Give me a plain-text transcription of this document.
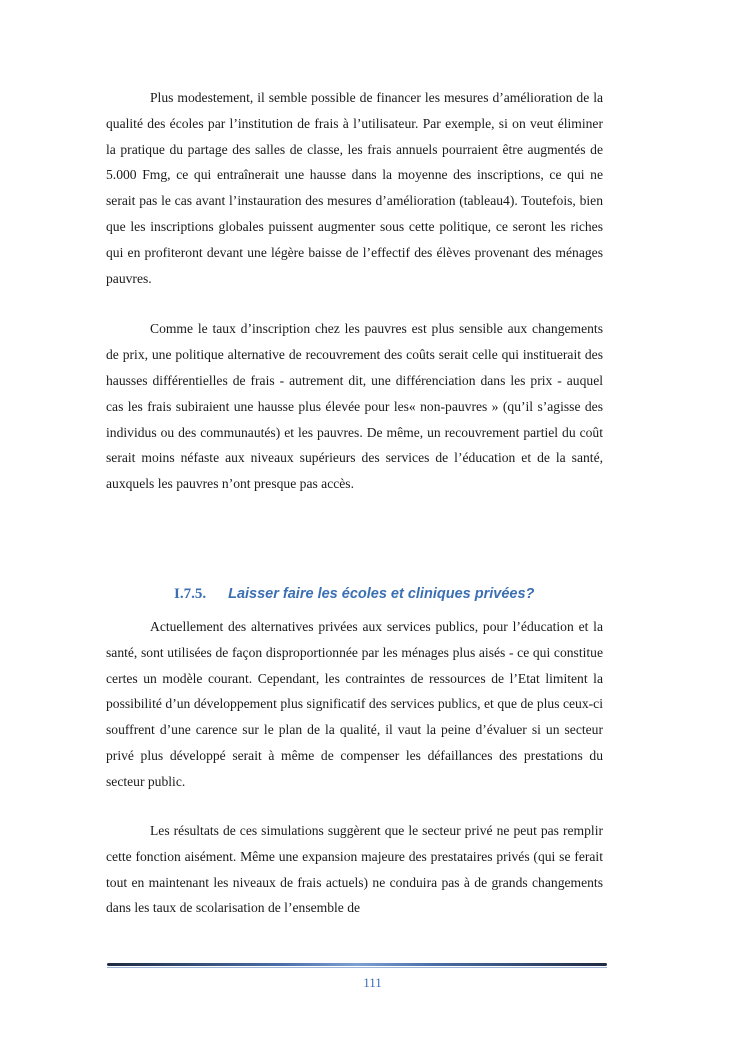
Plus modestement, il semble possible de financer les mesures d’amélioration de la qualité des écoles par l’institution de frais à l’utilisateur. Par exemple, si on veut éliminer la pratique du partage des salles de classe, les frais annuels pourraient être augmentés de 5.000 Fmg, ce qui entraînerait une hausse dans la moyenne des inscriptions, ce qui ne serait pas le cas avant l’instauration des mesures d’amélioration (tableau4). Toutefois, bien que les inscriptions globales puissent augmenter sous cette politique, ce seront les riches qui en profiteront devant une légère baisse de l’effectif des élèves provenant des ménages pauvres.

Comme le taux d’inscription chez les pauvres est plus sensible aux changements de prix, une politique alternative de recouvrement des coûts serait celle qui instituerait des hausses différentielles de frais - autrement dit, une différenciation dans les prix - auquel cas les frais subiraient une hausse plus élevée pour les« non-pauvres » (qu’il s’agisse des individus ou des communautés) et les pauvres. De même, un recouvrement partiel du coût serait moins néfaste aux niveaux supérieurs des services de l’éducation et de la santé, auxquels les pauvres n’ont presque pas accès.

I.7.5. Laisser faire les écoles et cliniques privées?

Actuellement des alternatives privées aux services publics, pour l’éducation et la santé, sont utilisées de façon disproportionnée par les ménages plus aisés - ce qui constitue certes un modèle courant. Cependant, les contraintes de ressources de l’Etat limitent la possibilité d’un développement plus significatif des services publics, et que de plus ceux-ci souffrent d’une carence sur le plan de la qualité, il vaut la peine d’évaluer si un secteur privé plus développé serait à même de compenser les défaillances des prestations du secteur public.

Les résultats de ces simulations suggèrent que le secteur privé ne peut pas remplir cette fonction aisément. Même une expansion majeure des prestataires privés (qui se ferait tout en maintenant les niveaux de frais actuels) ne conduira pas à de grands changements dans les taux de scolarisation de l’ensemble de

111
